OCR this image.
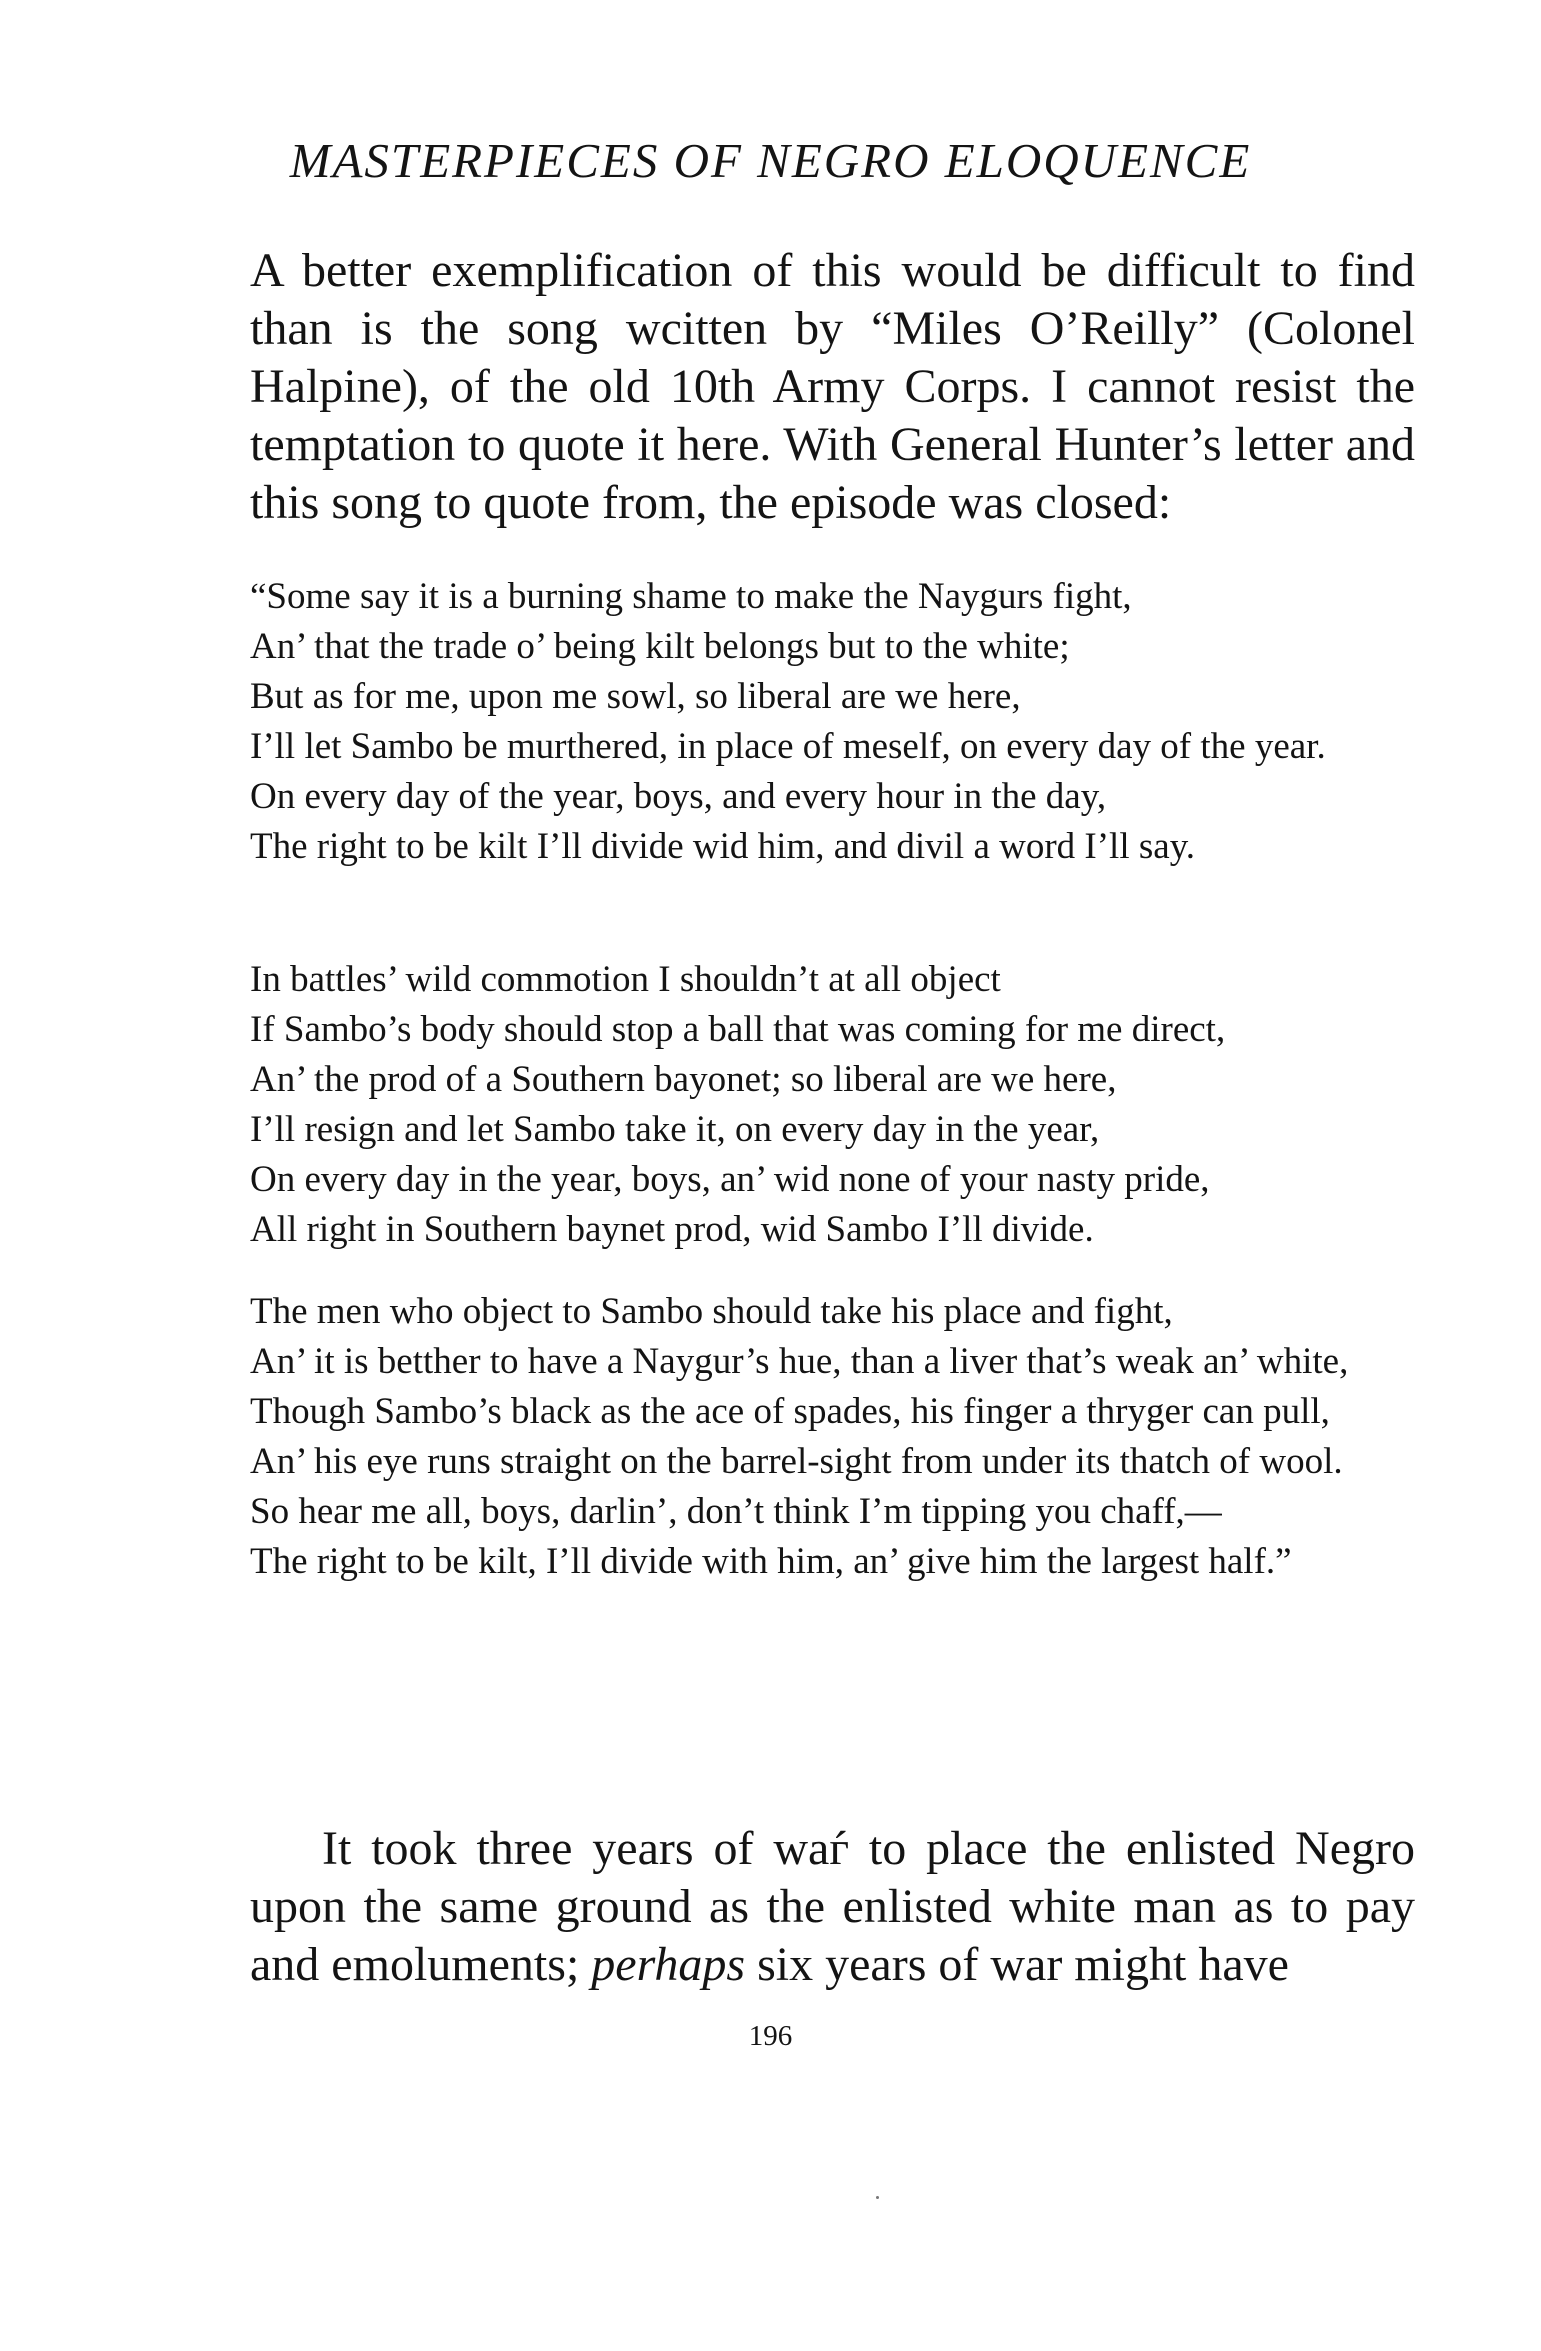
MASTERPIECES OF NEGRO ELOQUENCE

A better exemplification of this would be difficult to find than is the song wcitten by “Miles O’Reilly” (Colonel Halpine), of the old 10th Army Corps. I cannot resist the temptation to quote it here. With General Hunter’s letter and this song to quote from, the episode was closed:

“Some say it is a burning shame to make the Naygurs fight,
An’ that the trade o’ being kilt belongs but to the white;
But as for me, upon me sowl, so liberal are we here,
I’ll let Sambo be murthered, in place of meself, on every day of the year.
On every day of the year, boys, and every hour in the day,
The right to be kilt I’ll divide wid him, and divil a word I’ll say.
In battles’ wild commotion I shouldn’t at all object
If Sambo’s body should stop a ball that was coming for me direct,
An’ the prod of a Southern bayonet; so liberal are we here,
I’ll resign and let Sambo take it, on every day in the year,
On every day in the year, boys, an’ wid none of your nasty pride,
All right in Southern baynet prod, wid Sambo I’ll divide.
The men who object to Sambo should take his place and fight,
An’ it is betther to have a Naygur’s hue, than a liver that’s weak an’ white,
Though Sambo’s black as the ace of spades, his finger a thryger can pull,
An’ his eye runs straight on the barrel-sight from under its thatch of wool.
So hear me all, boys, darlin’, don’t think I’m tipping you chaff,—
The right to be kilt, I’ll divide with him, an’ give him the largest half.”

It took three years of waѓ to place the enlisted Negro upon the same ground as the enlisted white man as to pay and emoluments; perhaps six years of war might have

196
